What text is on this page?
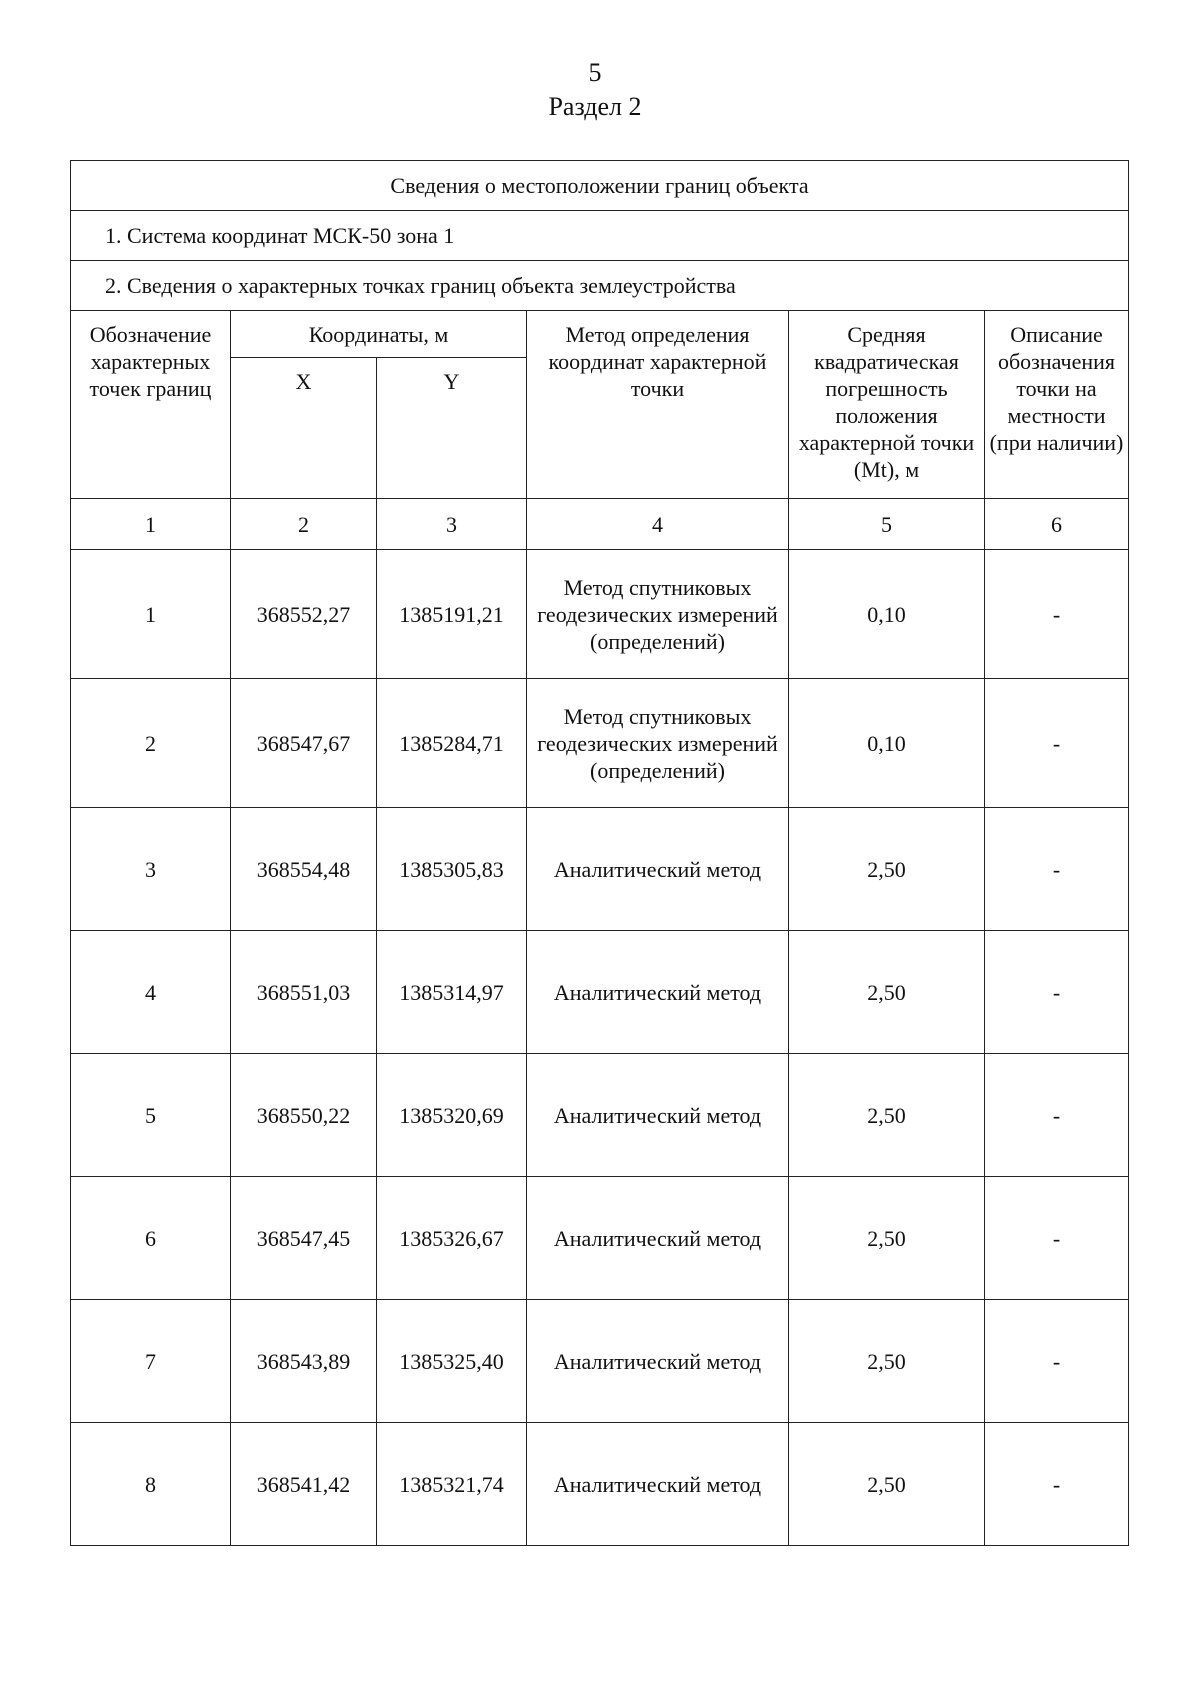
5
Раздел 2
Сведения о местоположении границ объекта					
1. Система координат МСК-50 зона 1					
2. Сведения о характерных точках границ объекта землеустройства					
Обозначение характерных точек границ	Координаты, м		Метод определения координат характерной точки	Средняя квадратическая погрешность положения характерной точки (Mt), м	Описание обозначения точки на местности (при наличии)
	X	Y			
1	2	3	4	5	6
1	368552,27	1385191,21	Метод спутниковых геодезических измерений (определений)	0,10	-
2	368547,67	1385284,71	Метод спутниковых геодезических измерений (определений)	0,10	-
3	368554,48	1385305,83	Аналитический метод	2,50	-
4	368551,03	1385314,97	Аналитический метод	2,50	-
5	368550,22	1385320,69	Аналитический метод	2,50	-
6	368547,45	1385326,67	Аналитический метод	2,50	-
7	368543,89	1385325,40	Аналитический метод	2,50	-
8	368541,42	1385321,74	Аналитический метод	2,50	-
